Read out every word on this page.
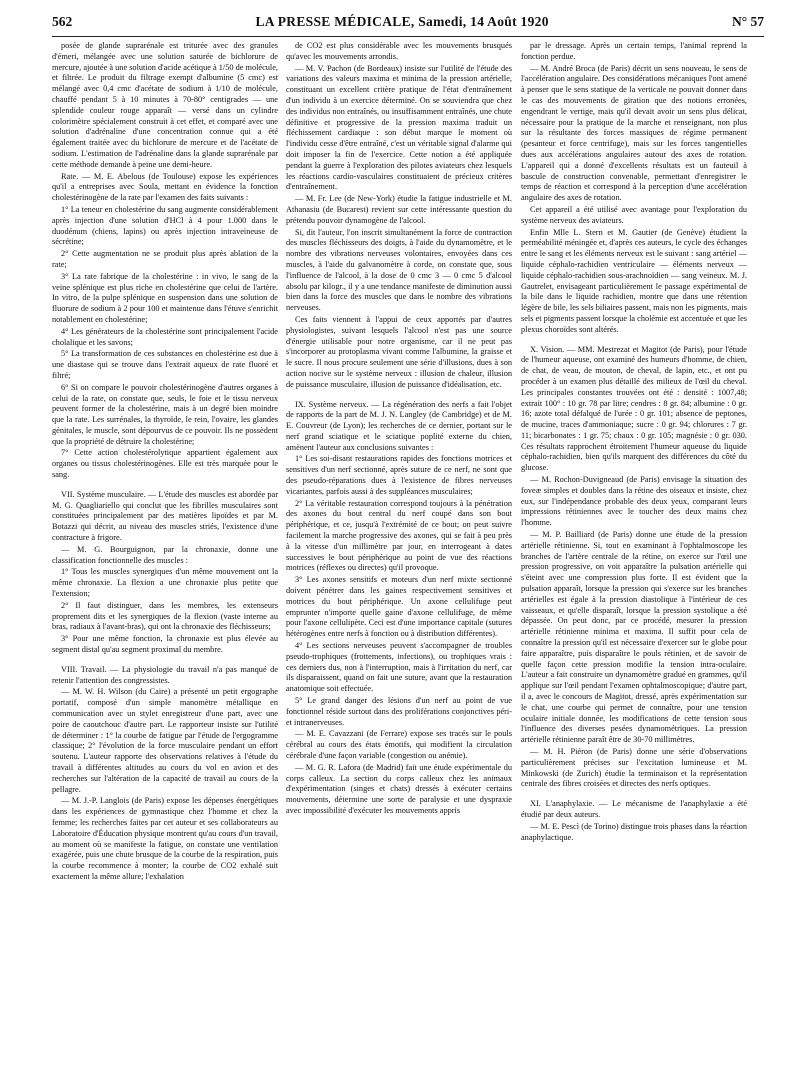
562	LA PRESSE MÉDICALE, Samedi, 14 Août 1920	N° 57

posée de glande suprarénale est triturée avec des granules d'émeri, mélangée avec une solution saturée de bichlorure de mercure, ajoutée à une solution d'acide acétique à 1/50 de molécule, et filtrée. Le produit du filtrage exempt d'albumine (5 cmc) est mélangé avec 0,4 cmc d'acétate de sodium à 1/10 de molécule, chauffé pendant 5 à 10 minutes à 70-80° centigrades — une splendide couleur rouge apparaît — versé dans un cylindre colorimètre spécialement construit à cet effet, et comparé avec une solution d'adrénaline d'une concentration connue qui a été également traitée avec du bichlorure de mercure et de l'acétate de sodium. L'estimation de l'adrénaline dans la glande suprarénale par cette méthode demande à peine une demi-heure.

Rate. — M. E. Abelous (de Toulouse) expose les expériences qu'il a entreprises avec Soula, mettant en évidence la fonction cholestérinogène de la rate par l'examen des faits suivants :

1° La teneur en cholestérine du sang augmente considérablement après injection d'une solution d'HCl à 4 pour 1.000 dans le duodénum (chiens, lapins) ou après injection intraveineuse de sécrétine;

2° Cette augmentation ne se produit plus après ablation de la rate;

3° La rate fabrique de la cholestérine : in vivo, le sang de la veine splénique est plus riche en cholestérine que celui de l'artère. In vitro, de la pulpe splénique en suspension dans une solution de fluorure de sodium à 2 pour 100 et maintenue dans l'étuve s'enrichit notablement en cholestérine;

4° Les générateurs de la cholestérine sont principalement l'acide cholalique et les savons;

5° La transformation de ces substances en cholestérine est due à une diastase qui se trouve dans l'extrait aqueux de rate fluoré et filtré;

6° Si on compare le pouvoir cholestérinogène d'autres organes à celui de la rate, on constate que, seuls, le foie et le tissu nerveux peuvent former de la cholestérine, mais à un degré bien moindre que la rate. Les surrénales, la thyroïde, le rein, l'ovaire, les glandes génitales, le muscle, sont dépourvus de ce pouvoir. Ils ne possèdent que la propriété de détruire la cholestérine;

7° Cette action cholestérolytique appartient également aux organes ou tissus cholestérinogènes. Elle est très marquée pour le sang.

VII. Système musculaire. — L'étude des muscles est abordée par M. G. Quagliariello qui conclut que les fibrilles musculaires sont constituées principalement par des matières lipoïdes et par M. Botazzi qui décrit, au niveau des muscles striés, l'existence d'une contracture à frigore.

— M. G. Bourguignon, par la chronaxie, donne une classification fonctionnelle des muscles :

1° Tous les muscles synergiques d'un même mouvement ont la même chronaxie. La flexion a une chronaxie plus petite que l'extension;

2° Il faut distinguer, dans les membres, les extenseurs proprement dits et les synergiques de la flexion (vaste interne au bras, radiaux à l'avant-bras), qui ont la chronaxie des fléchisseurs;

3° Pour une même fonction, la chronaxie est plus élevée au segment distal qu'au segment proximal du membre.

VIII. Travail. — La physiologie du travail n'a pas manqué de retenir l'attention des congressistes.

— M. W. H. Wilson (du Caire) a présenté un petit ergographe portatif, composé d'un simple manomètre métallique en communication avec un stylet enregistreur d'une part, avec une poire de caoutchouc d'autre part. Le rapporteur insiste sur l'utilité de déterminer : 1° la courbe de fatigue par l'étude de l'ergogramme classique; 2° l'évolution de la force musculaire pendant un effort soutenu. L'auteur rapporte des observations relatives à l'étude du travail à différentes altitudes au cours du vol en avion et des recherches sur l'altération de la capacité de travail au cours de la pellagre.

— M. J.-P. Langlois (de Paris) expose les dépenses énergétiques dans les expériences de gymnastique chez l'homme et chez la femme; les recherches faites par cet auteur et ses collaborateurs au Laboratoire d'Éducation physique montrent qu'au cours d'un travail, au moment où se manifeste la fatigue, on constate une ventilation exagérée, puis une chute brusque de la courbe de la respiration, puis la courbe recommence à monter; la courbe de CO2 exhalé suit exactement la même allure; l'exhalation

de CO2 est plus considérable avec les mouvements brusqués qu'avec les mouvements arrondis.

— M. V. Pachon (de Bordeaux) insiste sur l'utilité de l'étude des variations des valeurs maxima et minima de la pression artérielle, constituant un excellent critère pratique de l'état d'entraînement d'un individu à un exercice déterminé. On se souviendra que chez des individus non entraînés, ou insuffisamment entraînés, une chute définitive et progressive de la pression maxima traduit un fléchissement cardiaque : son début marque le moment où l'individu cesse d'être entraîné, c'est un véritable signal d'alarme qui doit imposer la fin de l'exercice. Cette notion a été appliquée pendant la guerre à l'exploration des pilotes aviateurs chez lesquels les réactions cardio-vasculaires constituaient de précieux critères d'entraînement.

— M. Fr. Lee (de New-York) étudie la fatigue industrielle et M. Athanasiu (de Bucarest) revient sur cette intéressante question du prétendu pouvoir dynamogène de l'alcool.

Si, dit l'auteur, l'on inscrit simultanément la force de contraction des muscles fléchisseurs des doigts, à l'aide du dynamomètre, et le nombre des vibrations nerveuses volontaires, envoyées dans ces muscles, à l'aide du galvanomètre à corde, on constate que, sous l'influence de l'alcool, à la dose de 0 cmc 3 — 0 cmc 5 d'alcool absolu par kilogr., il y a une tendance manifeste de diminution aussi bien dans la force des muscles que dans le nombre des vibrations nerveuses.

Ces faits viennent à l'appui de ceux apportés par d'autres physiologistes, suivant lesquels l'alcool n'est pas une source d'énergie utilisable pour notre organisme, car il ne peut pas s'incorporer au protoplasma vivant comme l'albumine, la graisse et le sucre. Il nous procure seulement une série d'illusions, dues à son action nocive sur le système nerveux : illusion de chaleur, illusion de puissance musculaire, illusion de puissance d'idéalisation, etc.

IX. Système nerveux. — La régénération des nerfs a fait l'objet de rapports de la part de M. J. N. Langley (de Cambridge) et de M. E. Couvreur (de Lyon); les recherches de ce dernier, portant sur le nerf grand sciatique et le sciatique poplité externe du chien, amènent l'auteur aux conclusions suivantes :

1° Les soi-disant restaurations rapides des fonctions motrices et sensitives d'un nerf sectionné, après suture de ce nerf, ne sont que des pseudo-réparations dues à l'existence de fibres nerveuses vicariantes, parfois aussi à des suppléances musculaires;

2° La véritable restauration correspond toujours à la pénétration des axones du bout central du nerf coupé dans son bout périphérique, et ce, jusqu'à l'extrémité de ce bout; on peut suivre facilement la marche progressive des axones, qui se fait à peu près à la vitesse d'un millimètre par jour, en interrogeant à dates successives le bout périphérique au point de vue des réactions motrices (réflexes ou directes) qu'il provoque.

3° Les axones sensitifs et moteurs d'un nerf mixte sectionné doivent pénétrer dans les gaines respectivement sensitives et motrices du bout périphérique. Un axone cellulifuge peut emprunter n'importe quelle gaine d'axone cellulifuge, de même pour l'axone cellulipète. Ceci est d'une importance capitale (sutures hétérogènes entre nerfs à fonction ou à distribution différentes).

4° Les sections nerveuses peuvent s'accompagner de troubles pseudo-trophiques (frottements, infections), ou trophiques vrais : ces derniers dus, non à l'interruption, mais à l'irritation du nerf, car ils disparaissent, quand on fait une suture, avant que la restauration anatomique soit effectuée.

5° Le grand danger des lésions d'un nerf au point de vue fonctionnel réside surtout dans des proliférations conjonctives péri- et intranerveuses.

— M. E. Cavazzani (de Ferrare) expose ses tracés sur le pouls cérébral au cours des états émotifs, qui modifient la circulation cérébrale d'une façon variable (congestion ou anémie).

— M. G. R. Lafora (de Madrid) fait une étude expérimentale du corps calleux. La section du corps calleux chez les animaux d'expérimentation (singes et chats) dressés à exécuter certains mouvements, détermine une sorte de paralysie et une dyspraxie avec impossibilité d'exécuter les mouvements appris

par le dressage. Après un certain temps, l'animal reprend la fonction perdue.

— M. André Broca (de Paris) décrit un sens nouveau, le sens de l'accélération angulaire. Des considérations mécaniques l'ont amené à penser que le sens statique de la verticale ne pouvait donner dans le cas des mouvements de giration que des notions erronées, engendrant le vertige, mais qu'il devait avoir un sens plus délicat, nécessaire pour la pratique de la marche et renseignant, non plus sur la résultante des forces massiques de régime permanent (pesanteur et force centrifuge), mais sur les forces tangentielles dues aux accélérations angulaires autour des axes de rotation. L'appareil qui a donné d'excellents résultats est un fauteuil à bascule de construction convenable, permettant d'enregistrer le temps de réaction et correspond à la perception d'une accélération angulaire des axes de rotation.

Cet appareil a été utilisé avec avantage pour l'exploration du système nerveux des aviateurs.

Enfin Mlle L. Stern et M. Gautier (de Genève) étudient la perméabilité méningée et, d'après ces auteurs, le cycle des échanges entre le sang et les éléments nerveux est le suivant : sang artériel — liquide céphalo-rachidien ventriculaire — éléments nerveux — liquide céphalo-rachidien sous-arachnoïdien — sang veineux. M. J. Gautrelet, envisageant particulièrement le passage expérimental de la bile dans le liquide rachidien, montre que dans une rétention légère de bile, les sels biliaires passent, mais non les pigments, mais sels et pigments passent lorsque la cholémie est accentuée et que les plexus choroïdes sont altérés.

X. Vision. — MM. Mestrezat et Magitot (de Paris), pour l'étude de l'humeur aqueuse, ont examiné des humeurs d'homme, de chien, de chat, de veau, de mouton, de cheval, de lapin, etc., et ont pu procéder à un examen plus détaillé des milieux de l'œil du cheval. Les principales constantes trouvées ont été : densité : 1007,48; extrait 100° : 10 gr. 78 par litre; cendres : 8 gr. 84; albumine : 0 gr. 16; azote total défalqué de l'urée : 0 gr. 101; absence de peptones, de mucine, traces d'ammoniaque; sucre : 0 gr. 94; chlorures : 7 gr. 11; bicarbonates : 1 gr. 75; chaux : 0 gr. 105; magnésie : 0 gr. 030. Ces résultats rapprochent étroitement l'humeur aqueuse du liquide céphalo-rachidien, bien qu'ils marquent des différences du côté du glucose.

— M. Rochon-Duvigneaud (de Paris) envisage la situation des foveæ simples et doubles dans la rétine des oiseaux et insiste, chez eux, sur l'indépendance probable des deux yeux, comparant leurs impressions rétiniennes avec le toucher des deux mains chez l'homme.

— M. P. Bailliard (de Paris) donne une étude de la pression artérielle rétinienne. Si, tout en examinant à l'ophtalmoscope les branches de l'artère centrale de la rétine, on exerce sur l'œil une pression progressive, on voit apparaître la pulsation artérielle qui s'éteint avec une compression plus forte. Il est évident que la pulsation apparaît, lorsque la pression qui s'exerce sur les branches artérielles est égale à la pression diastolique à l'intérieur de ces vaisseaux, et qu'elle disparaît, lorsque la pression systolique a été dépassée. On peut donc, par ce procédé, mesurer la pression artérielle rétinienne minima et maxima. Il suffit pour cela de connaître la pression qu'il est nécessaire d'exercer sur le globe pour faire apparaître, puis disparaître le pouls rétinien, et de savoir de quelle façon cette pression modifie la tension intra-oculaire. L'auteur a fait construire un dynamomètre gradué en grammes, qu'il applique sur l'œil pendant l'examen ophtalmoscopique; d'autre part, il a, avec le concours de Magitot, dressé, après expérimentation sur le chat, une courbe qui permet de connaître, pour une tension oculaire initiale donnée, les modifications de cette tension sous l'influence des diverses pesées dynamométriques. La pression artérielle rétinienne paraît être de 30-70 millimètres.

— M. H. Piéron (de Paris) donne une série d'observations particulièrement précises sur l'excitation lumineuse et M. Minkowski (de Zurich) étudie la terminaison et la représentation centrale des fibres croisées et directes des nerfs optiques.

XI. L'anaphylaxie. — Le mécanisme de l'anaphylaxie a été étudié par deux auteurs.

— M. E. Pescì (de Torino) distingue trois phases dans la réaction anaphylactique.
